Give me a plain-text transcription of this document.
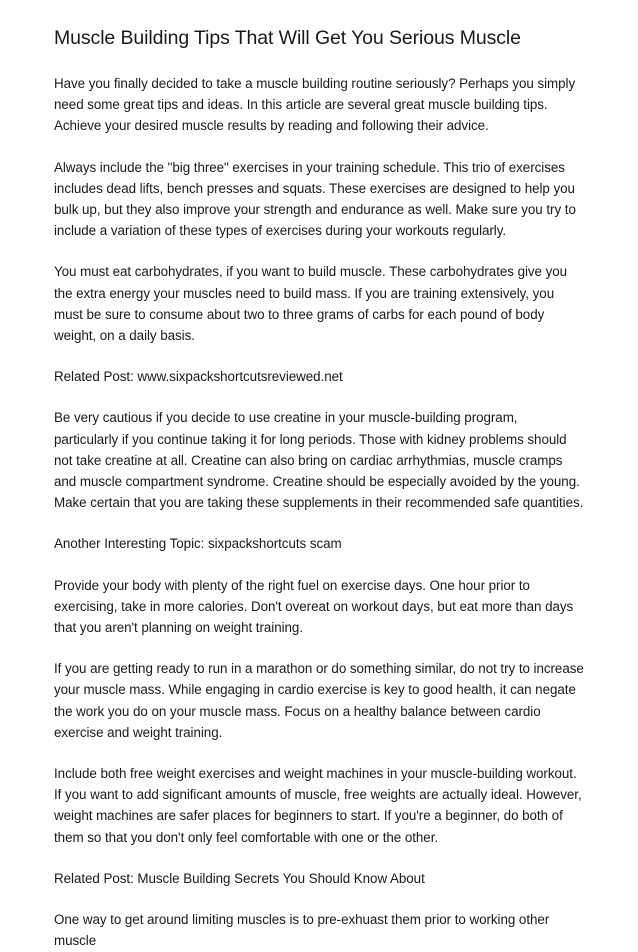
Muscle Building Tips That Will Get You Serious Muscle

Have you finally decided to take a muscle building routine seriously? Perhaps you simply need some great tips and ideas. In this article are several great muscle building tips. Achieve your desired muscle results by reading and following their advice.

Always include the "big three" exercises in your training schedule. This trio of exercises includes dead lifts, bench presses and squats. These exercises are designed to help you bulk up, but they also improve your strength and endurance as well. Make sure you try to include a variation of these types of exercises during your workouts regularly.

You must eat carbohydrates, if you want to build muscle. These carbohydrates give you the extra energy your muscles need to build mass. If you are training extensively, you must be sure to consume about two to three grams of carbs for each pound of body weight, on a daily basis.

Related Post: www.sixpackshortcutsreviewed.net

Be very cautious if you decide to use creatine in your muscle-building program, particularly if you continue taking it for long periods. Those with kidney problems should not take creatine at all. Creatine can also bring on cardiac arrhythmias, muscle cramps and muscle compartment syndrome. Creatine should be especially avoided by the young. Make certain that you are taking these supplements in their recommended safe quantities.

Another Interesting Topic: sixpackshortcuts scam

Provide your body with plenty of the right fuel on exercise days. One hour prior to exercising, take in more calories. Don't overeat on workout days, but eat more than days that you aren't planning on weight training.

If you are getting ready to run in a marathon or do something similar, do not try to increase your muscle mass. While engaging in cardio exercise is key to good health, it can negate the work you do on your muscle mass. Focus on a healthy balance between cardio exercise and weight training.

Include both free weight exercises and weight machines in your muscle-building workout. If you want to add significant amounts of muscle, free weights are actually ideal. However, weight machines are safer places for beginners to start. If you're a beginner, do both of them so that you don't only feel comfortable with one or the other.

Related Post: Muscle Building Secrets You Should Know About

One way to get around limiting muscles is to pre-exhuast them prior to working other muscle
